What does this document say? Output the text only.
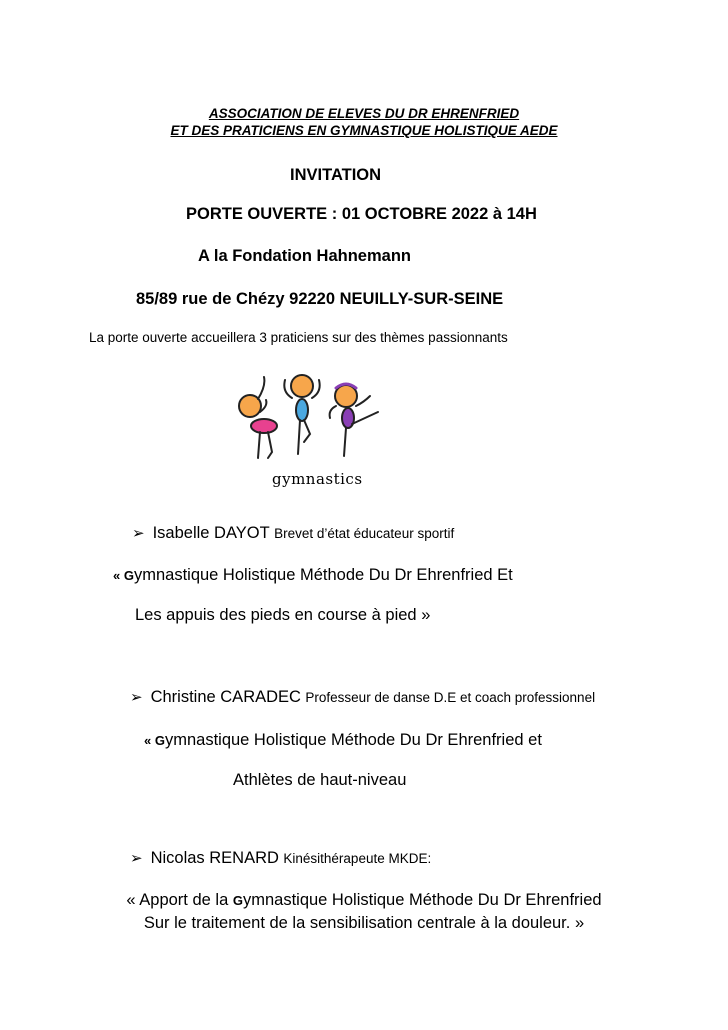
ASSOCIATION DE ELEVES DU DR EHRENFRIED
ET DES PRATICIENS EN GYMNASTIQUE HOLISTIQUE AEDE
INVITATION
PORTE OUVERTE : 01 OCTOBRE 2022 à 14H
A la Fondation Hahnemann
85/89 rue de Chézy 92220 NEUILLY-SUR-SEINE
La porte ouverte accueillera 3 praticiens sur des thèmes passionnants
gymnastics
➢ Isabelle DAYOT Brevet d’état éducateur sportif
« Gymnastique Holistique Méthode Du Dr Ehrenfried Et
Les appuis des pieds en course à pied »
➢ Christine CARADEC Professeur de danse D.E et coach professionnel
« Gymnastique Holistique Méthode Du Dr Ehrenfried et
Athlètes de haut-niveau
➢ Nicolas RENARD Kinésithérapeute MKDE:
« Apport de la Gymnastique Holistique Méthode Du Dr Ehrenfried
Sur le traitement de la sensibilisation centrale à la douleur. »
